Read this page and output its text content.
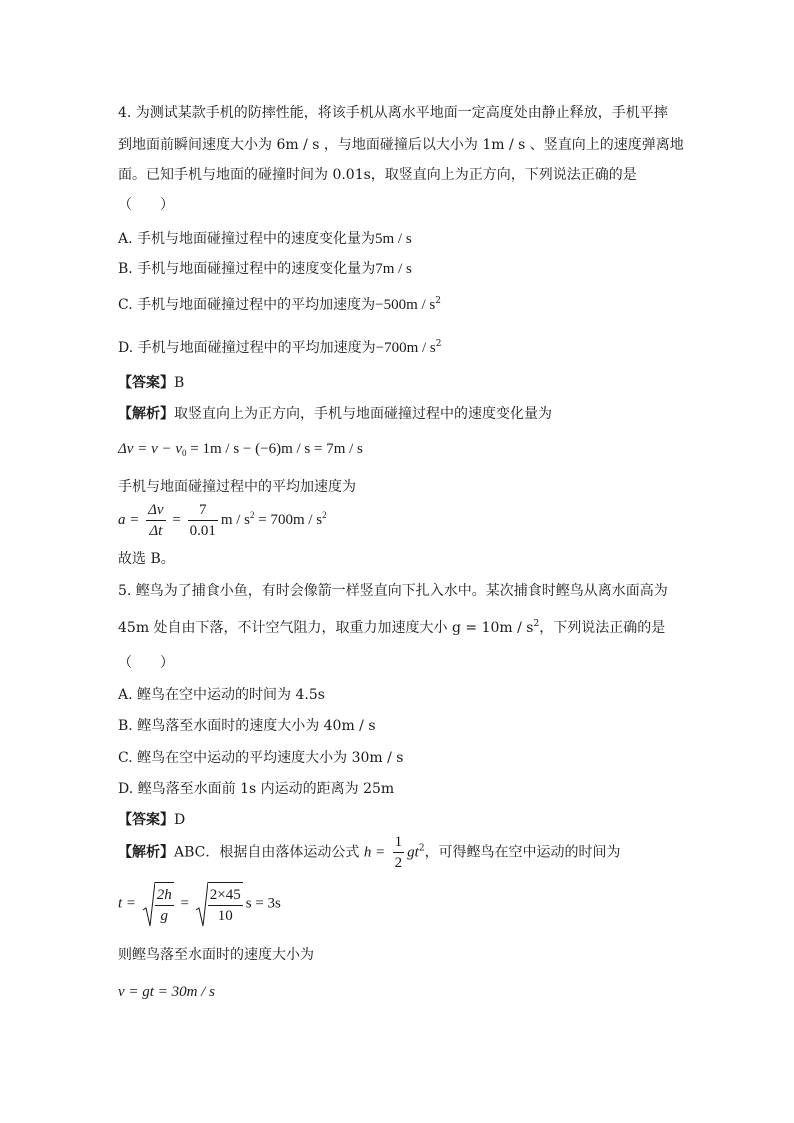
4. 为测试某款手机的防摔性能，将该手机从离水平地面一定高度处由静止释放，手机平摔
到地面前瞬间速度大小为 6m / s ，与地面碰撞后以大小为 1m / s 、竖直向上的速度弹离地
面。已知手机与地面的碰撞时间为 0.01s，取竖直向上为正方向，下列说法正确的是
（　　）
A. 手机与地面碰撞过程中的速度变化量为5m / s
B. 手机与地面碰撞过程中的速度变化量为7m / s
C. 手机与地面碰撞过程中的平均加速度为$-500m / s^2$
D. 手机与地面碰撞过程中的平均加速度为$-700m / s^2$
【答案】B
【解析】取竖直向上为正方向，手机与地面碰撞过程中的速度变化量为
$\Delta v = v - v_0 = 1m / s - (-6)m / s = 7m / s$
手机与地面碰撞过程中的平均加速度为
$a = \frac{\Delta v}{\Delta t} = \frac{7}{0.01}$ $m / s^2 = 700m / s^2$
故选 B。
5. 鲣鸟为了捕食小鱼，有时会像箭一样竖直向下扎入水中。某次捕食时鲣鸟从离水面高为
45m 处自由下落，不计空气阻力，取重力加速度大小 $g = 10m / s^2$，下列说法正确的是
（　　）
A. 鲣鸟在空中运动的时间为 4.5s
B. 鲣鸟落至水面时的速度大小为 40m / s
C. 鲣鸟在空中运动的平均速度大小为 30m / s
D. 鲣鸟落至水面前 1s 内运动的距离为 25m
【答案】D
【解析】ABC．根据自由落体运动公式 $h = \frac{1}{2} gt^2$，可得鲣鸟在空中运动的时间为
$t = \frac{2h}{g} = \frac{2\times 45}{10}$ s = 3s
则鲣鸟落至水面时的速度大小为
v = gt = 30m / s
